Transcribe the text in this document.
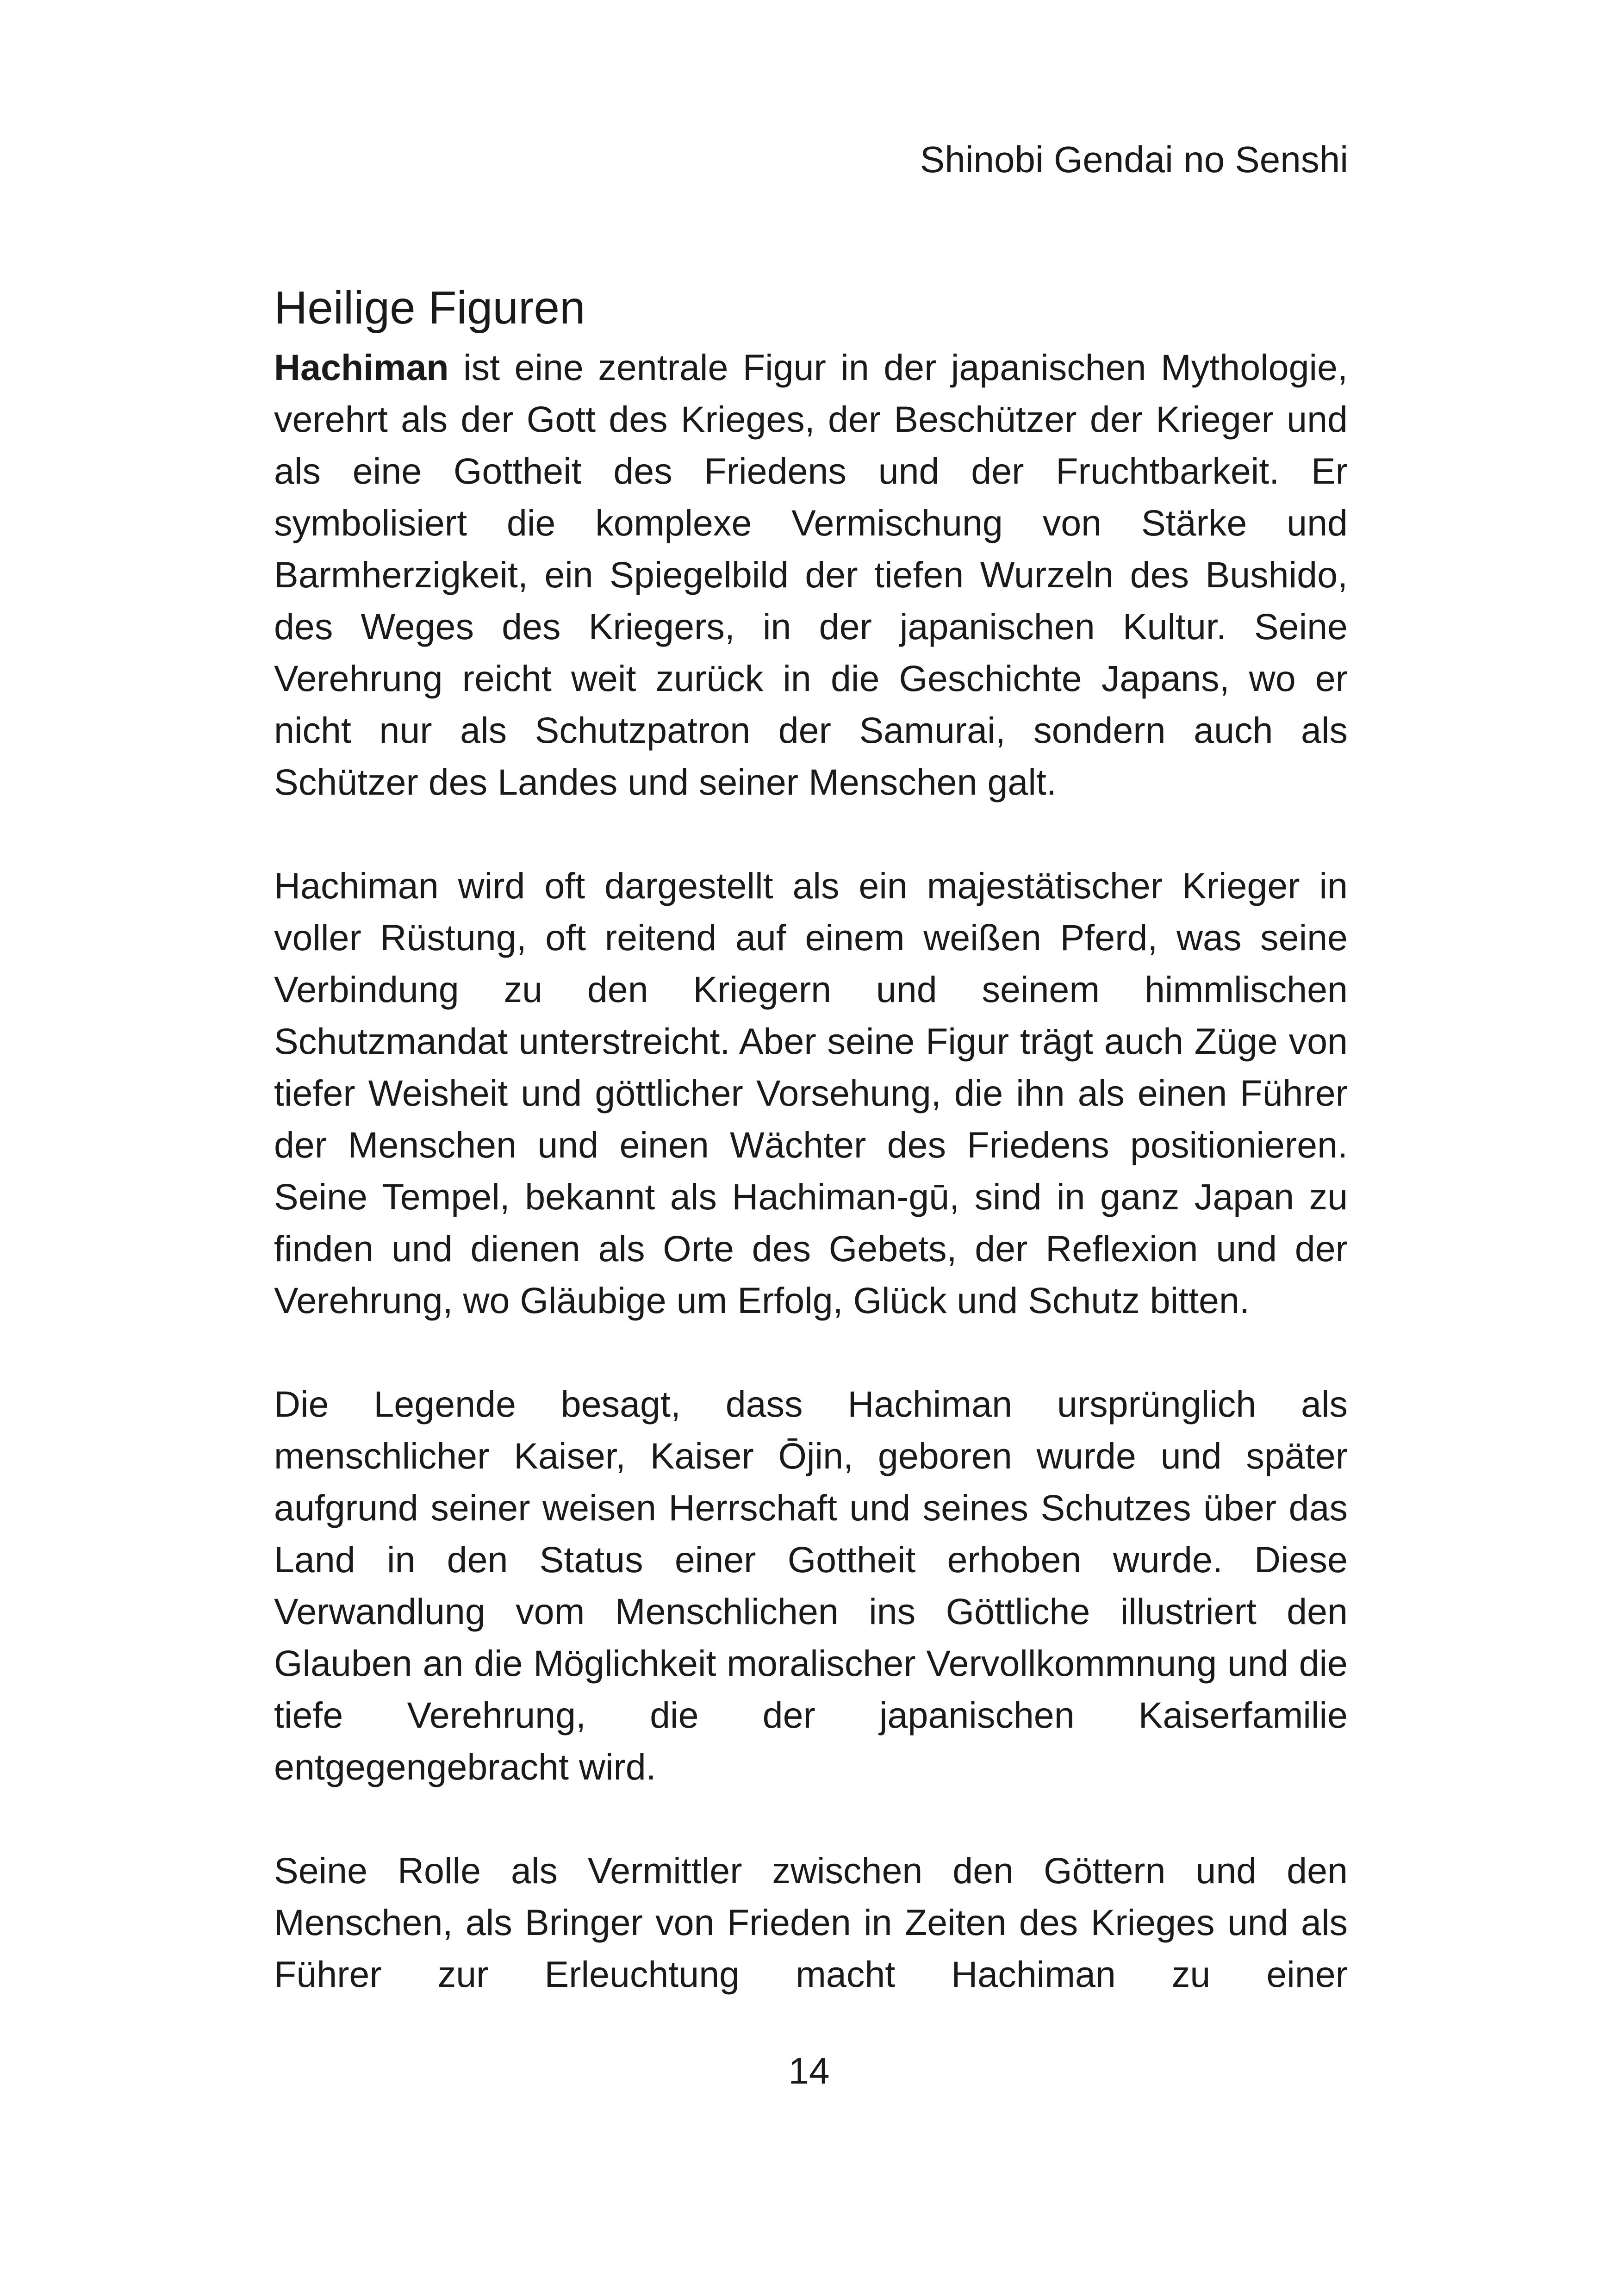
Shinobi Gendai no Senshi
Heilige Figuren

Hachiman ist eine zentrale Figur in der japanischen Mythologie, verehrt als der Gott des Krieges, der Beschützer der Krieger und als eine Gottheit des Friedens und der Fruchtbarkeit. Er symbolisiert die komplexe Vermischung von Stärke und Barmherzigkeit, ein Spiegelbild der tiefen Wurzeln des Bushido, des Weges des Kriegers, in der japanischen Kultur. Seine Verehrung reicht weit zurück in die Geschichte Japans, wo er nicht nur als Schutzpatron der Samurai, sondern auch als Schützer des Landes und seiner Menschen galt.

Hachiman wird oft dargestellt als ein majestätischer Krieger in voller Rüstung, oft reitend auf einem weißen Pferd, was seine Verbindung zu den Kriegern und seinem himmlischen Schutzmandat unterstreicht. Aber seine Figur trägt auch Züge von tiefer Weisheit und göttlicher Vorsehung, die ihn als einen Führer der Menschen und einen Wächter des Friedens positionieren. Seine Tempel, bekannt als Hachiman-gū, sind in ganz Japan zu finden und dienen als Orte des Gebets, der Reflexion und der Verehrung, wo Gläubige um Erfolg, Glück und Schutz bitten.

Die Legende besagt, dass Hachiman ursprünglich als menschlicher Kaiser, Kaiser Ōjin, geboren wurde und später aufgrund seiner weisen Herrschaft und seines Schutzes über das Land in den Status einer Gottheit erhoben wurde. Diese Verwandlung vom Menschlichen ins Göttliche illustriert den Glauben an die Möglichkeit moralischer Vervollkommnung und die tiefe Verehrung, die der japanischen Kaiserfamilie entgegengebracht wird.

Seine Rolle als Vermittler zwischen den Göttern und den Menschen, als Bringer von Frieden in Zeiten des Krieges und als Führer zur Erleuchtung macht Hachiman zu einer

14
